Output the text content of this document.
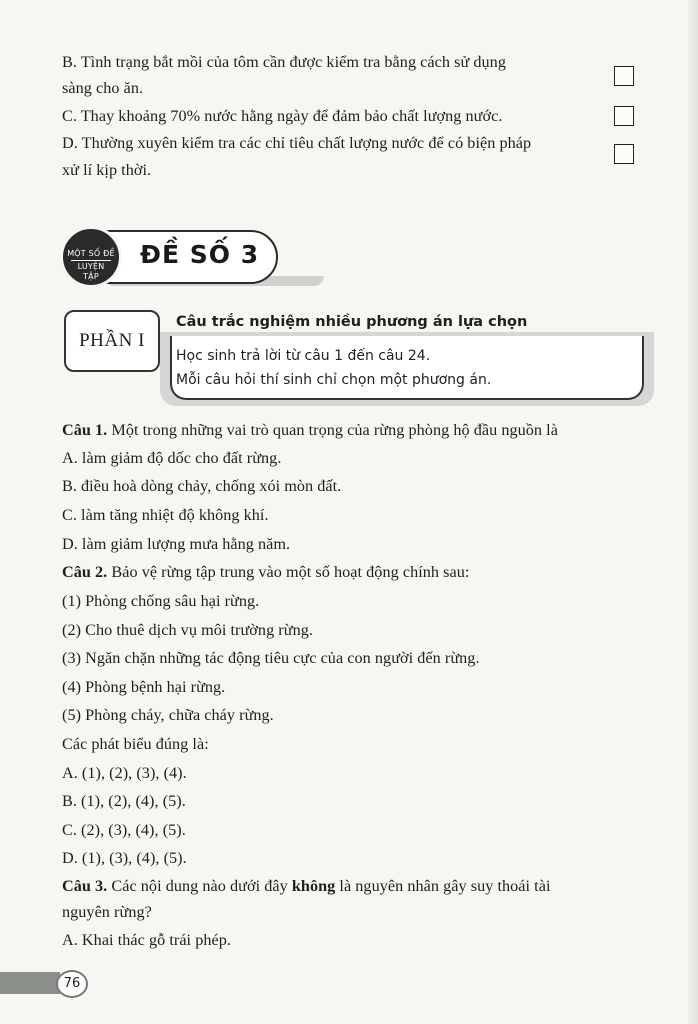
B. Tình trạng bắt mồi của tôm cần được kiểm tra bằng cách sử dụng
sàng cho ăn.
C. Thay khoảng 70% nước hằng ngày để đảm bảo chất lượng nước.
D. Thường xuyên kiểm tra các chỉ tiêu chất lượng nước để có biện pháp
xử lí kịp thời.
MỘT SỐ ĐỀ
LUYỆN TẬP
ĐỀ SỐ 3
PHẦN I
Câu trắc nghiệm nhiều phương án lựa chọn
Học sinh trả lời từ câu 1 đến câu 24.
Mỗi câu hỏi thí sinh chỉ chọn một phương án.
Câu 1. Một trong những vai trò quan trọng của rừng phòng hộ đầu nguồn là
A. làm giảm độ dốc cho đất rừng.
B. điều hoà dòng chảy, chống xói mòn đất.
C. làm tăng nhiệt độ không khí.
D. làm giảm lượng mưa hằng năm.
Câu 2. Bảo vệ rừng tập trung vào một số hoạt động chính sau:
(1) Phòng chống sâu hại rừng.
(2) Cho thuê dịch vụ môi trường rừng.
(3) Ngăn chặn những tác động tiêu cực của con người đến rừng.
(4) Phòng bệnh hại rừng.
(5) Phòng cháy, chữa cháy rừng.
Các phát biểu đúng là:
A. (1), (2), (3), (4).
B. (1), (2), (4), (5).
C. (2), (3), (4), (5).
D. (1), (3), (4), (5).
Câu 3. Các nội dung nào dưới đây không là nguyên nhân gây suy thoái tài
nguyên rừng?
A. Khai thác gỗ trái phép.
76
